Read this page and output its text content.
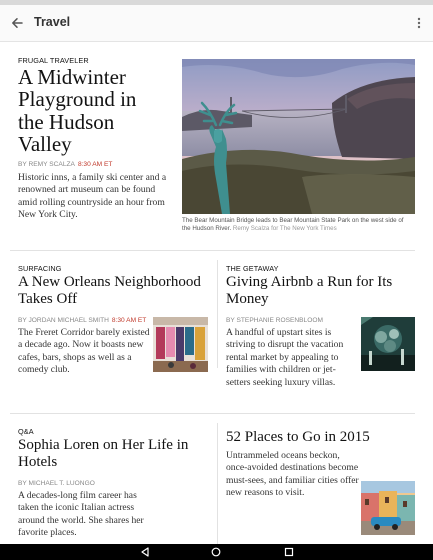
Travel
FRUGAL TRAVELER
A Midwinter
Playground in
the Hudson
Valley
BY REMY SCALZA 8:30 AM ET

Historic inns, a family ski center and a renowned art museum can be found amid rolling countryside an hour from New York City.

The Bear Mountain Bridge leads to Bear Mountain State Park on the west side of the Hudson River. Remy Scalza for The New York Times

SURFACING
A New Orleans Neighborhood Takes Off
BY JORDAN MICHAEL SMITH 8:30 AM ET

The Freret Corridor barely existed a decade ago. Now it boasts new cafes, bars, shops as well as a comedy club.

THE GETAWAY
Giving Airbnb a Run for Its Money
BY STEPHANIE ROSENBLOOM

A handful of upstart sites is striving to disrupt the vacation rental market by appealing to families with children or jet-setters seeking luxury villas.

Q&A
Sophia Loren on Her Life in Hotels
BY MICHAEL T. LUONGO

A decades-long film career has taken the iconic Italian actress around the world. She shares her favorite places.

52 Places to Go in 2015

Untrammeled oceans beckon, once-avoided destinations become must-sees, and familiar cities offer new reasons to visit.
